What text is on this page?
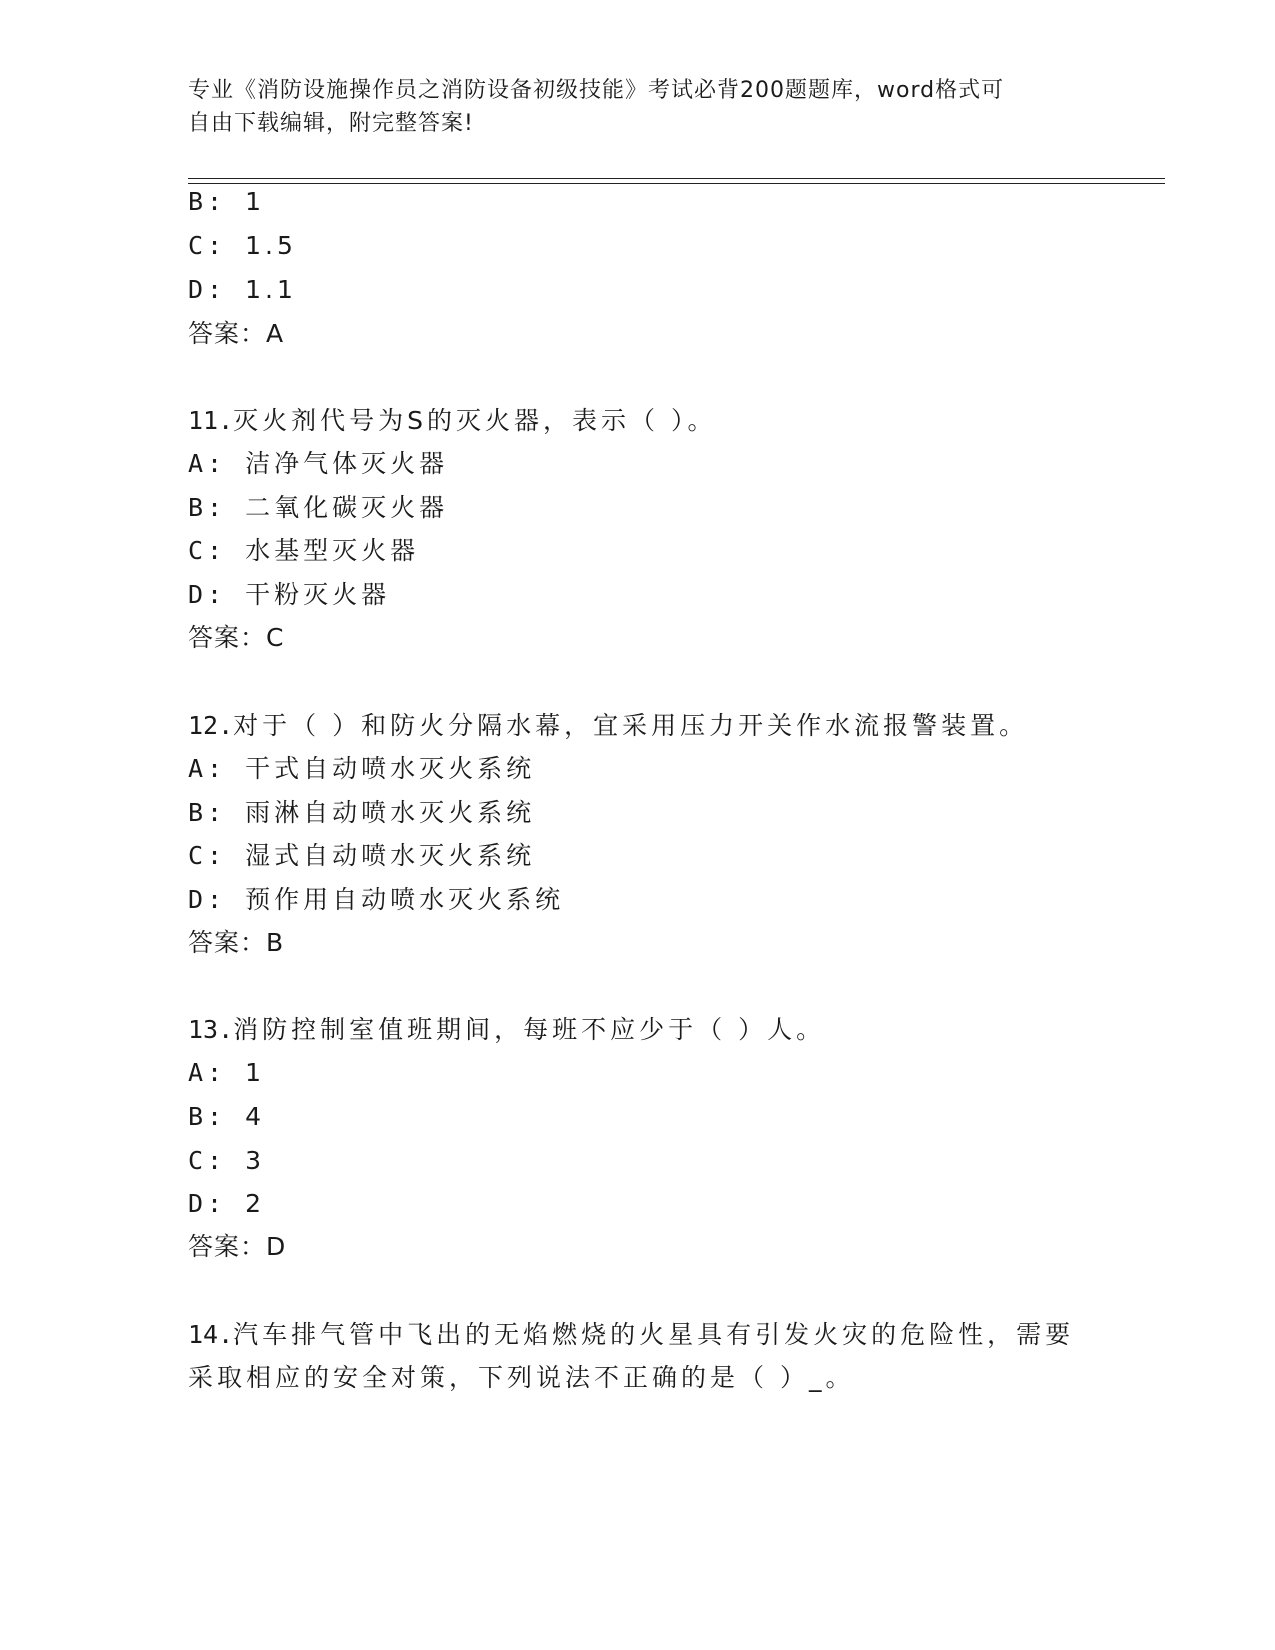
专业《消防设施操作员之消防设备初级技能》考试必背200题题库，word格式可
自由下载编辑，附完整答案!
B: 1
C: 1.5
D: 1.1
答案：A
11.灭火剂代号为S的灭火器，表示（ ）。
A: 洁净气体灭火器
B: 二氧化碳灭火器
C: 水基型灭火器
D: 干粉灭火器
答案：C
12.对于（ ）和防火分隔水幕，宜采用压力开关作水流报警装置。
A: 干式自动喷水灭火系统
B: 雨淋自动喷水灭火系统
C: 湿式自动喷水灭火系统
D: 预作用自动喷水灭火系统
答案：B
13.消防控制室值班期间，每班不应少于（ ）人。
A: 1
B: 4
C: 3
D: 2
答案：D
14.汽车排气管中飞出的无焰燃烧的火星具有引发火灾的危险性，需要
采取相应的安全对策，下列说法不正确的是（ ）_。
